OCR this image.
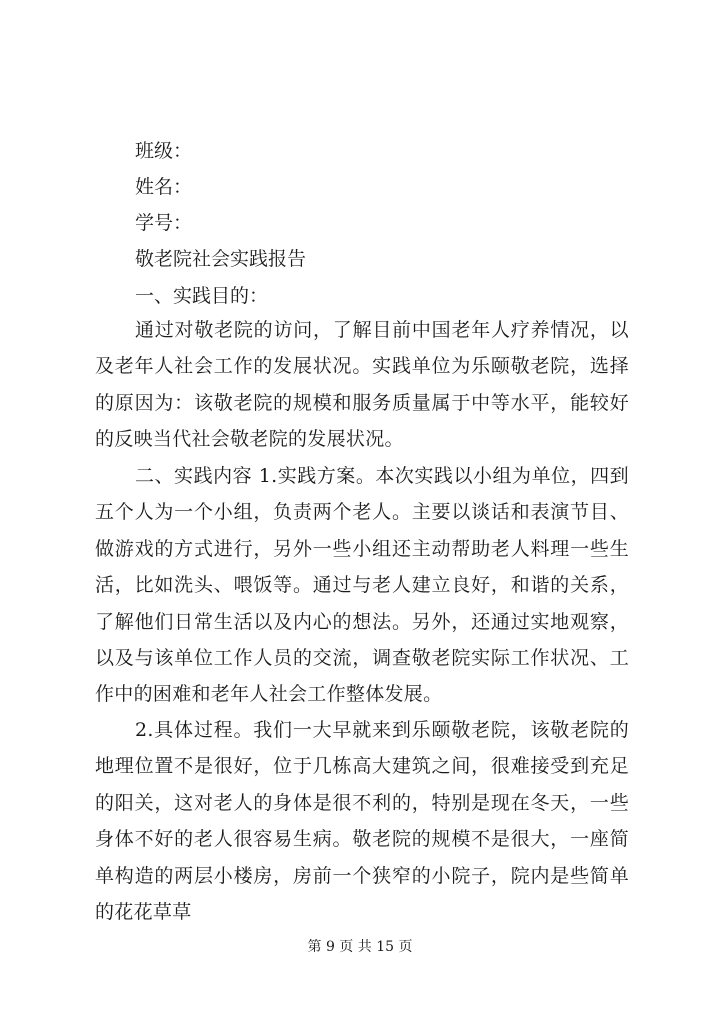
班级：
姓名：
学号：
敬老院社会实践报告
一、实践目的：

通过对敬老院的访问，了解目前中国老年人疗养情况，以及老年人社会工作的发展状况。实践单位为乐颐敬老院，选择的原因为：该敬老院的规模和服务质量属于中等水平，能较好的反映当代社会敬老院的发展状况。

二、实践内容 1.实践方案。本次实践以小组为单位，四到五个人为一个小组，负责两个老人。主要以谈话和表演节目、做游戏的方式进行，另外一些小组还主动帮助老人料理一些生活，比如洗头、喂饭等。通过与老人建立良好，和谐的关系，了解他们日常生活以及内心的想法。另外，还通过实地观察，以及与该单位工作人员的交流，调查敬老院实际工作状况、工作中的困难和老年人社会工作整体发展。

2.具体过程。我们一大早就来到乐颐敬老院，该敬老院的地理位置不是很好，位于几栋高大建筑之间，很难接受到充足的阳关，这对老人的身体是很不利的，特别是现在冬天，一些身体不好的老人很容易生病。敬老院的规模不是很大，一座简单构造的两层小楼房，房前一个狭窄的小院子，院内是些简单的花花草草

第 9 页 共 15 页
